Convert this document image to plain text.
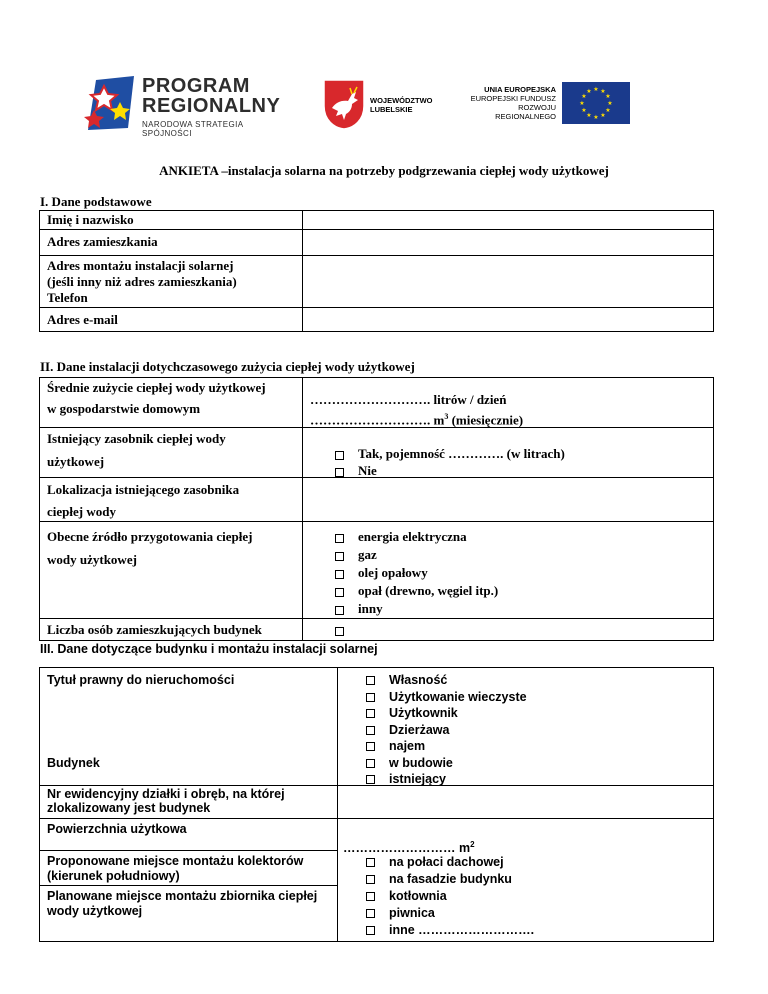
PROGRAM
REGIONALNY
NARODOWA STRATEGIA SPÓJNOŚCI
WOJEWÓDZTWO
LUBELSKIE
UNIA EUROPEJSKA
EUROPEJSKI FUNDUSZ
ROZWOJU REGIONALNEGO
★ ★
★
★
★
★
★
★
★
★
★
★
ANKIETA –instalacja solarna na potrzeby podgrzewania ciepłej wody użytkowej
I. Dane podstawowe
Imię i nazwisko
Adres zamieszkania
Adres montażu instalacji solarnej
(jeśli inny niż adres zamieszkania)
Telefon
Adres e-mail
II. Dane instalacji dotychczasowego zużycia ciepłej wody użytkowej
Średnie zużycie ciepłej wody użytkowej
w gospodarstwie domowym
………………………. litrów / dzień
………………………. $m^3$ (miesięcznie)
Istniejący zasobnik ciepłej wody
użytkowej
Tak, pojemność …………. (w litrach)
Nie
Lokalizacja istniejącego zasobnika
ciepłej wody
Obecne źródło przygotowania ciepłej
wody użytkowej
energia elektryczna
gaz
olej opałowy
opał (drewno, węgiel itp.)
inny
Liczba osób zamieszkujących budynek
III. Dane dotyczące budynku i montażu instalacji solarnej
Tytuł prawny do nieruchomości	Własność
Użytkowanie wieczyste
Użytkownik
Dzierżawa
najem
Budynek	w budowie
istniejący
Nr ewidencyjny działki i obręb, na której
zlokalizowany jest budynek
Powierzchnia użytkowa
……………………… $m^2$
Proponowane miejsce montażu kolektorów
(kierunek południowy)
na połaci dachowej
na fasadzie budynku
Planowane miejsce montażu zbiornika ciepłej
wody użytkowej
kotłownia
piwnica
inne ……………………….
